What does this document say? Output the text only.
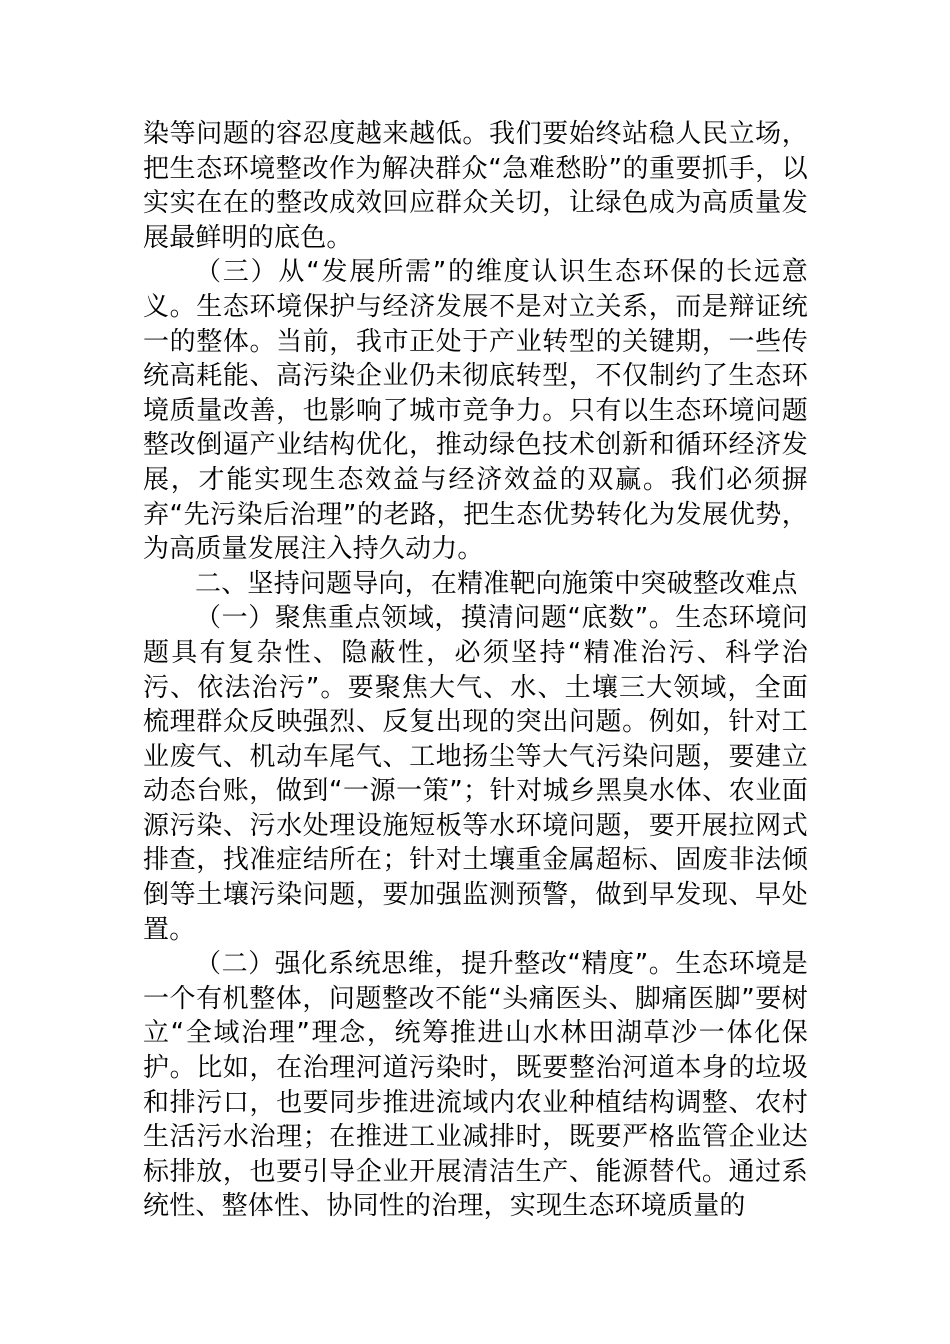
染等问题的容忍度越来越低。我们要始终站稳人民立场，把生态环境整改作为解决群众“急难愁盼”的重要抓手，以实实在在的整改成效回应群众关切，让绿色成为高质量发展最鲜明的底色。

（三）从“发展所需”的维度认识生态环保的长远意义。生态环境保护与经济发展不是对立关系，而是辩证统一的整体。当前，我市正处于产业转型的关键期，一些传统高耗能、高污染企业仍未彻底转型，不仅制约了生态环境质量改善，也影响了城市竞争力。只有以生态环境问题整改倒逼产业结构优化，推动绿色技术创新和循环经济发展，才能实现生态效益与经济效益的双赢。我们必须摒弃“先污染后治理”的老路，把生态优势转化为发展优势，为高质量发展注入持久动力。

二、坚持问题导向，在精准靶向施策中突破整改难点

（一）聚焦重点领域，摸清问题“底数”。生态环境问题具有复杂性、隐蔽性，必须坚持“精准治污、科学治污、依法治污”。要聚焦大气、水、土壤三大领域，全面梳理群众反映强烈、反复出现的突出问题。例如，针对工业废气、机动车尾气、工地扬尘等大气污染问题，要建立动态台账，做到“一源一策”；针对城乡黑臭水体、农业面源污染、污水处理设施短板等水环境问题，要开展拉网式排查，找准症结所在；针对土壤重金属超标、固废非法倾倒等土壤污染问题，要加强监测预警，做到早发现、早处置。

（二）强化系统思维，提升整改“精度”。生态环境是一个有机整体，问题整改不能“头痛医头、脚痛医脚”要树立“全域治理”理念，统筹推进山水林田湖草沙一体化保护。比如，在治理河道污染时，既要整治河道本身的垃圾和排污口，也要同步推进流域内农业种植结构调整、农村生活污水治理；在推进工业减排时，既要严格监管企业达标排放，也要引导企业开展清洁生产、能源替代。通过系统性、整体性、协同性的治理，实现生态环境质量的
